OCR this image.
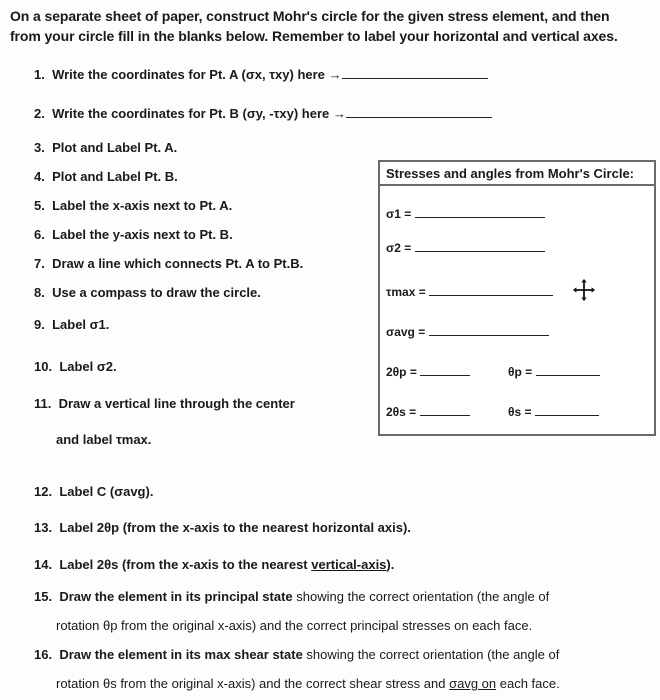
On a separate sheet of paper, construct Mohr's circle for the given stress element, and then
from your circle fill in the blanks below. Remember to label your horizontal and vertical axes.
1. Write the coordinates for Pt. A (σx, τxy) here →
2. Write the coordinates for Pt. B (σy, -τxy) here →
3. Plot and Label Pt. A.
4. Plot and Label Pt. B.
5. Label the x-axis next to Pt. A.
6. Label the y-axis next to Pt. B.
7. Draw a line which connects Pt. A to Pt.B.
8. Use a compass to draw the circle.
9. Label σ1.
10. Label σ2.
11. Draw a vertical line through the center
and label τmax.
12. Label C (σavg).
13. Label 2θp (from the x-axis to the nearest horizontal axis).
14. Label 2θs (from the x-axis to the nearest vertical-axis).
15. Draw the element in its principal state showing the correct orientation (the angle of
rotation θp from the original x-axis) and the correct principal stresses on each face.
16. Draw the element in its max shear state showing the correct orientation (the angle of
rotation θs from the original x-axis) and the correct shear stress and σavg on each face.
Stresses and angles from Mohr's Circle:
σ1 =
σ2 =
τmax =
σavg =
2θp =	θp =
2θs =	θs =
